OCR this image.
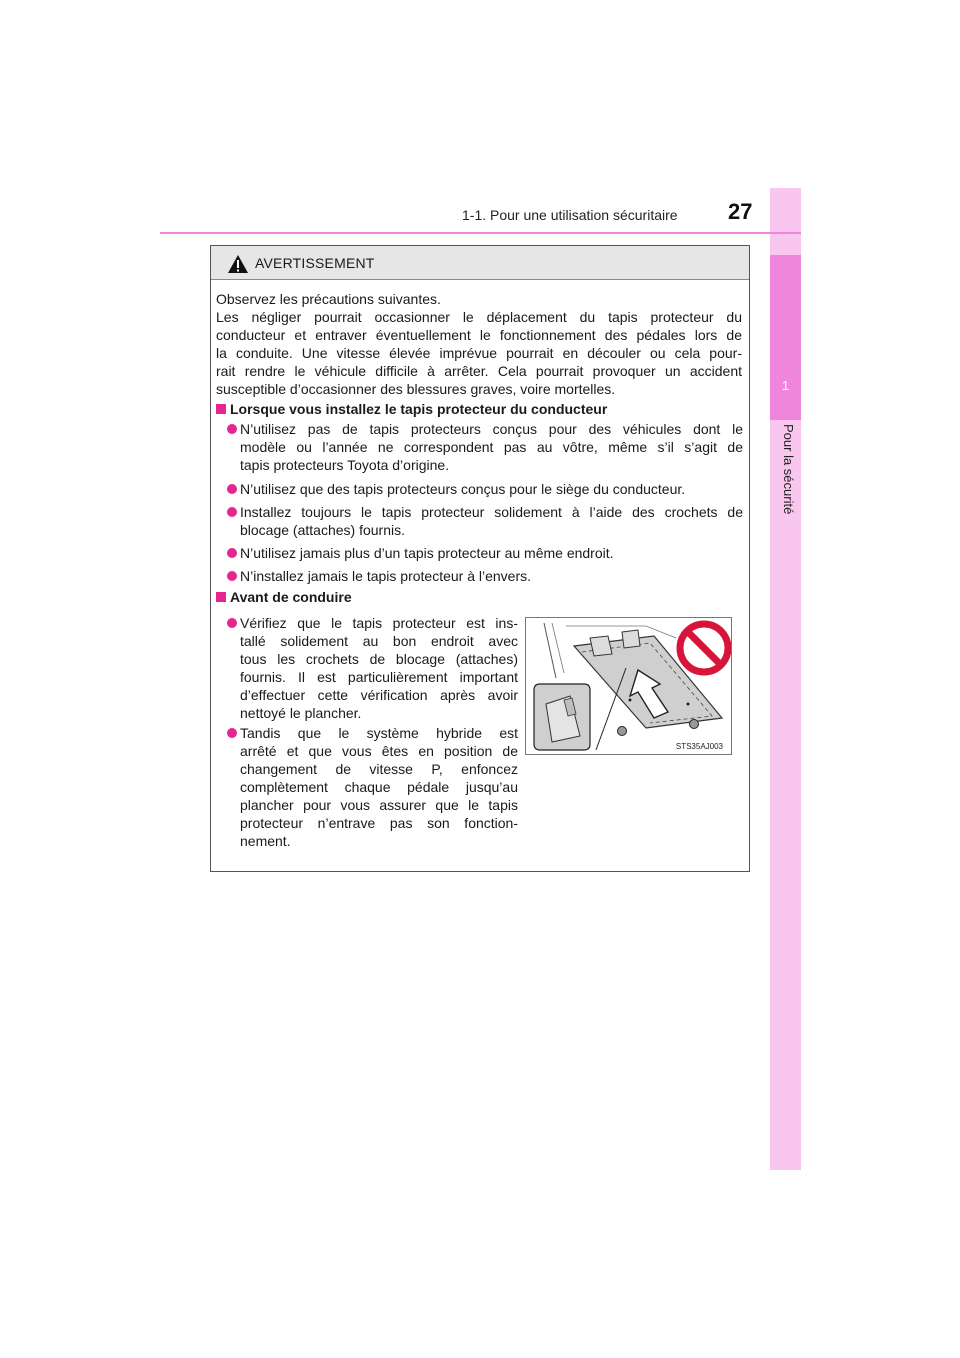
1
Pour la sécurité
1-1. Pour une utilisation sécuritaire 27
AVERTISSEMENT
Observez les précautions suivantes.
Les négliger pourrait occasionner le déplacement du tapis protecteur du
conducteur et entraver éventuellement le fonctionnement des pédales lors de
la conduite. Une vitesse élevée imprévue pourrait en découler ou cela pour-
rait rendre le véhicule difficile à arrêter. Cela pourrait provoquer un accident
susceptible d’occasionner des blessures graves, voire mortelles.
Lorsque vous installez le tapis protecteur du conducteur
N’utilisez pas de tapis protecteurs conçus pour des véhicules dont le
modèle ou l’année ne correspondent pas au vôtre, même s’il s’agit de
tapis protecteurs Toyota d’origine.
N’utilisez que des tapis protecteurs conçus pour le siège du conducteur.
Installez toujours le tapis protecteur solidement à l’aide des crochets de
blocage (attaches) fournis.
N’utilisez jamais plus d’un tapis protecteur au même endroit.
N’installez jamais le tapis protecteur à l’envers.
Avant de conduire
Vérifiez que le tapis protecteur est ins-
tallé solidement au bon endroit avec
tous les crochets de blocage (attaches)
fournis. Il est particulièrement important
d’effectuer cette vérification après avoir
nettoyé le plancher.
Tandis que le système hybride est
arrêté et que vous êtes en position de
changement de vitesse P, enfoncez
complètement chaque pédale jusqu’au
plancher pour vous assurer que le tapis
protecteur n’entrave pas son fonction-
nement.
STS35AJ003
